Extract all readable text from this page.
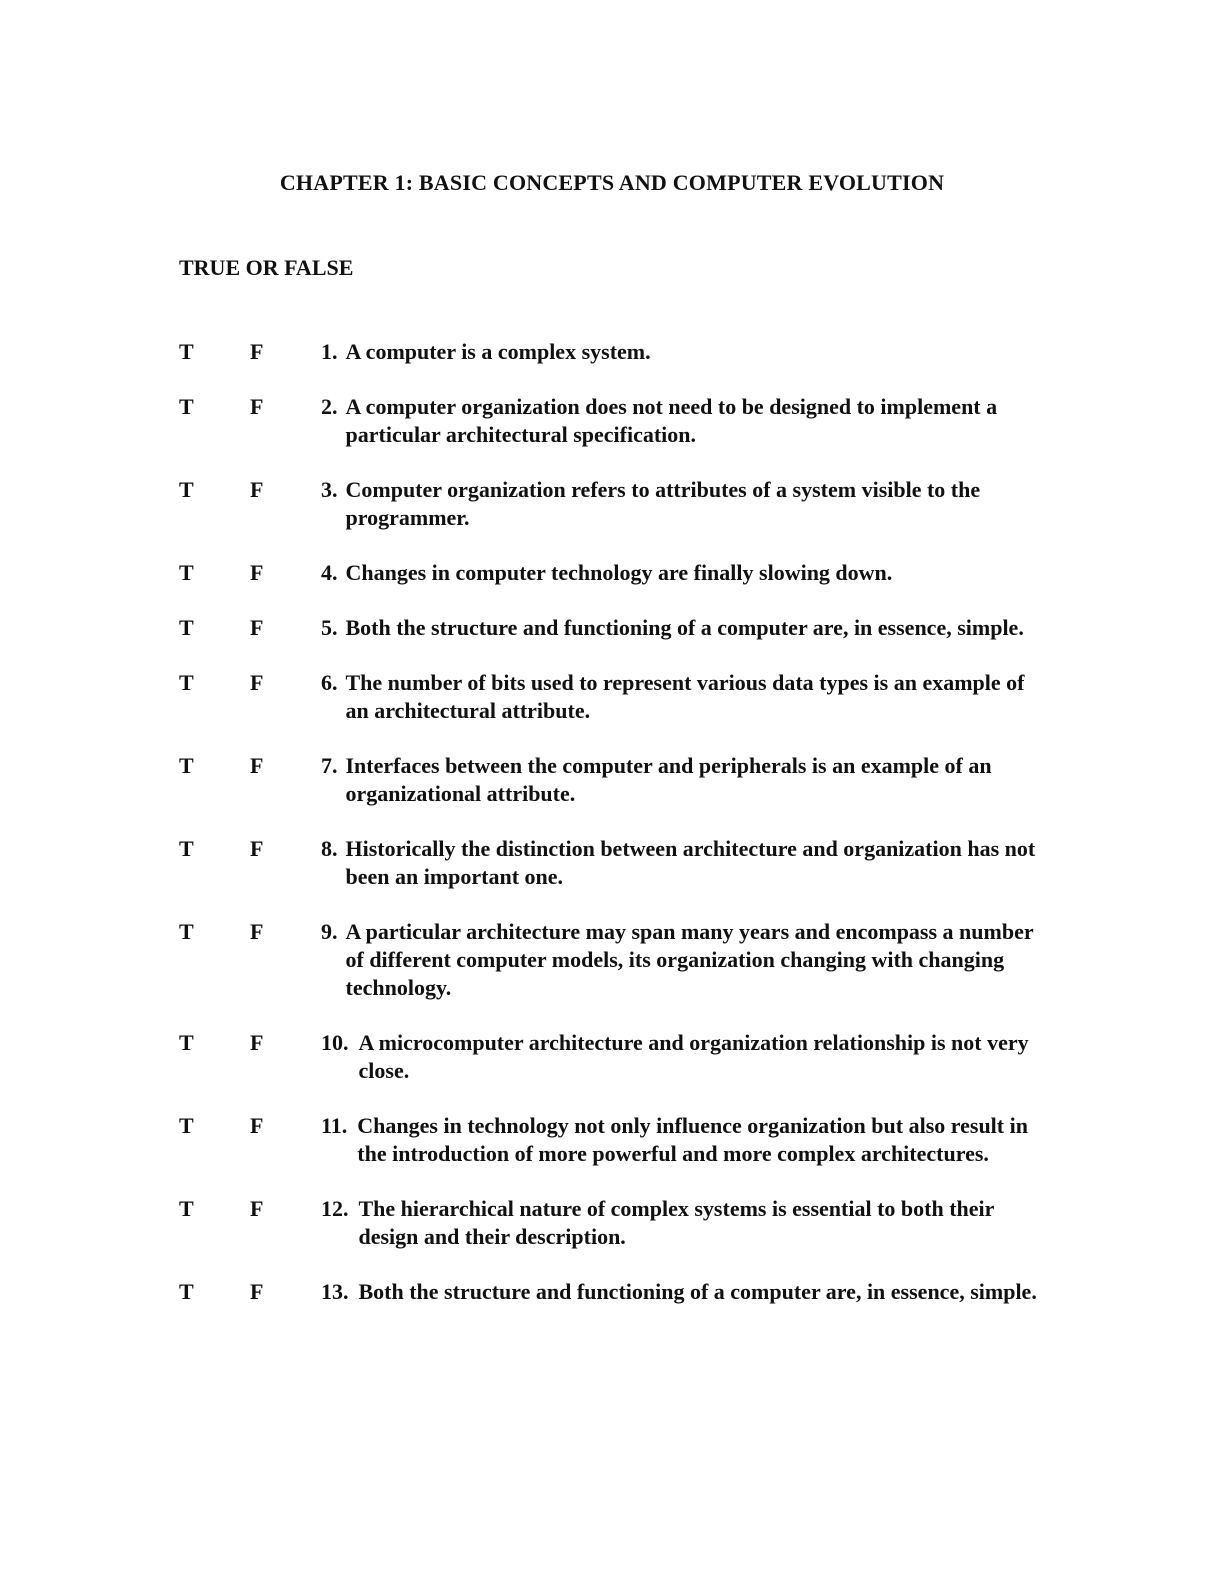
CHAPTER 1: BASIC CONCEPTS AND COMPUTER EVOLUTION
TRUE OR FALSE
T	F	1. A computer is a complex system.
T	F	2. A computer organization does not need to be designed to implement a particular architectural specification.
T	F	3. Computer organization refers to attributes of a system visible to the programmer.
T	F	4. Changes in computer technology are finally slowing down.
T	F	5. Both the structure and functioning of a computer are, in essence, simple.
T	F	6. The number of bits used to represent various data types is an example of an architectural attribute.
T	F	7. Interfaces between the computer and peripherals is an example of an organizational attribute.
T	F	8. Historically the distinction between architecture and organization has not been an important one.
T	F	9. A particular architecture may span many years and encompass a number of different computer models, its organization changing with changing technology.
T	F	10. A microcomputer architecture and organization relationship is not very close.
T	F	11. Changes in technology not only influence organization but also result in the introduction of more powerful and more complex architectures.
T	F	12. The hierarchical nature of complex systems is essential to both their design and their description.
T	F	13. Both the structure and functioning of a computer are, in essence, simple.
